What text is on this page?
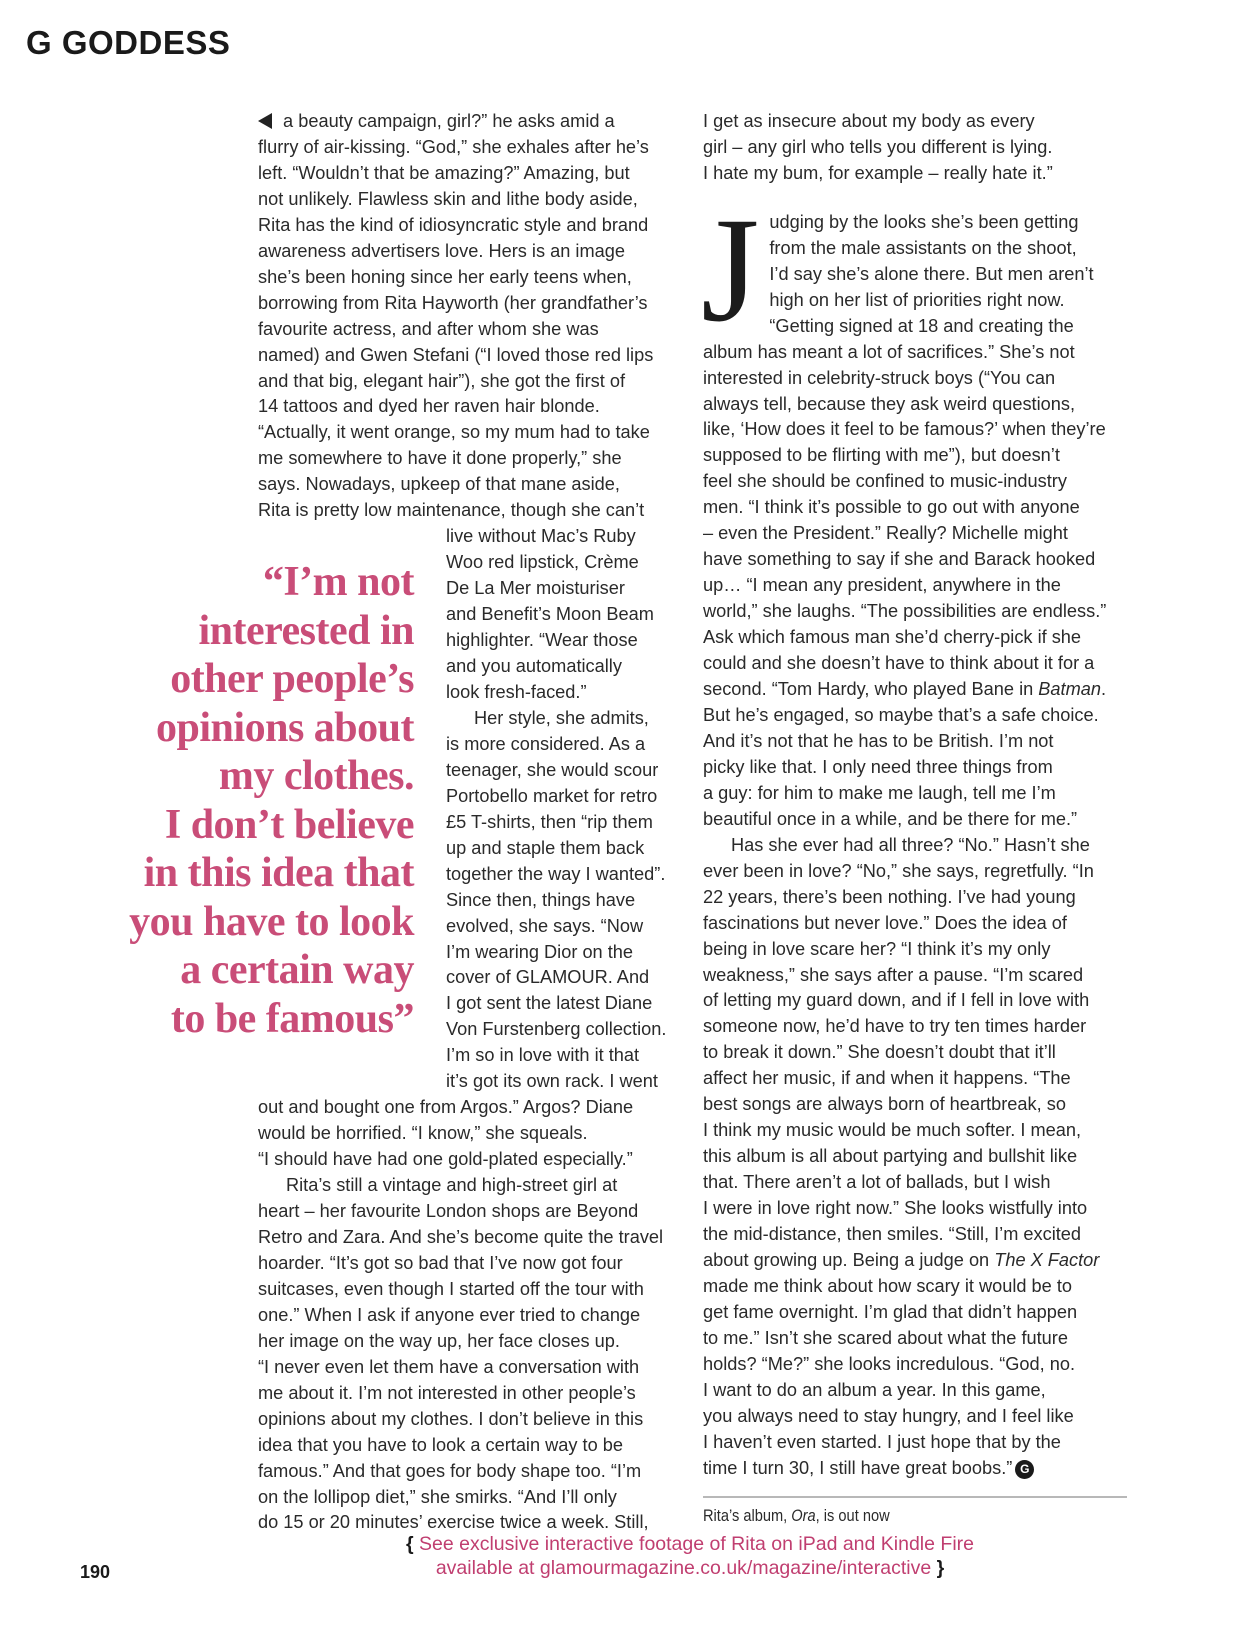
G GODDESS

a beauty campaign, girl?” he asks amid a

flurry of air-kissing. “God,” she exhales after he’s

left. “Wouldn’t that be amazing?” Amazing, but

not unlikely. Flawless skin and lithe body aside,

Rita has the kind of idiosyncratic style and brand

awareness advertisers love. Hers is an image

she’s been honing since her early teens when,

borrowing from Rita Hayworth (her grandfather’s

favourite actress, and after whom she was

named) and Gwen Stefani (“I loved those red lips

and that big, elegant hair”), she got the first of

14 tattoos and dyed her raven hair blonde.

“Actually, it went orange, so my mum had to take

me somewhere to have it done properly,” she

says. Nowadays, upkeep of that mane aside,

Rita is pretty low maintenance, though she can’t

live without Mac’s Ruby

Woo red lipstick, Crème

De La Mer moisturiser

and Benefit’s Moon Beam

highlighter. “Wear those

and you automatically

look fresh-faced.”

Her style, she admits,

is more considered. As a

teenager, she would scour

Portobello market for retro

£5 T-shirts, then “rip them

up and staple them back

together the way I wanted”.

Since then, things have

evolved, she says. “Now

I’m wearing Dior on the

cover of GLAMOUR. And

I got sent the latest Diane

Von Furstenberg collection.

I’m so in love with it that

it’s got its own rack. I went

out and bought one from Argos.” Argos? Diane

would be horrified. “I know,” she squeals.

“I should have had one gold-plated especially.”

Rita’s still a vintage and high-street girl at

heart – her favourite London shops are Beyond

Retro and Zara. And she’s become quite the travel

hoarder. “It’s got so bad that I’ve now got four

suitcases, even though I started off the tour with

one.” When I ask if anyone ever tried to change

her image on the way up, her face closes up.

“I never even let them have a conversation with

me about it. I’m not interested in other people’s

opinions about my clothes. I don’t believe in this

idea that you have to look a certain way to be

famous.” And that goes for body shape too. “I’m

on the lollipop diet,” she smirks. “And I’ll only

do 15 or 20 minutes’ exercise twice a week. Still,

“I’m not
interested in
other people’s
opinions about
my clothes.
I don’t believe
in this idea that
you have to look
a certain way
to be famous”

I get as insecure about my body as every

girl – any girl who tells you different is lying.

I hate my bum, for example – really hate it.”

J udging by the looks she’s been getting

from the male assistants on the shoot,

I’d say she’s alone there. But men aren’t

high on her list of priorities right now.

“Getting signed at 18 and creating the

album has meant a lot of sacrifices.” She’s not

interested in celebrity-struck boys (“You can

always tell, because they ask weird questions,

like, ‘How does it feel to be famous?’ when they’re

supposed to be flirting with me”), but doesn’t

feel she should be confined to music-industry

men. “I think it’s possible to go out with anyone

– even the President.” Really? Michelle might

have something to say if she and Barack hooked

up… “I mean any president, anywhere in the

world,” she laughs. “The possibilities are endless.”

Ask which famous man she’d cherry-pick if she

could and she doesn’t have to think about it for a

second. “Tom Hardy, who played Bane in Batman.

But he’s engaged, so maybe that’s a safe choice.

And it’s not that he has to be British. I’m not

picky like that. I only need three things from

a guy: for him to make me laugh, tell me I’m

beautiful once in a while, and be there for me.”

Has she ever had all three? “No.” Hasn’t she

ever been in love? “No,” she says, regretfully. “In

22 years, there’s been nothing. I’ve had young

fascinations but never love.” Does the idea of

being in love scare her? “I think it’s my only

weakness,” she says after a pause. “I’m scared

of letting my guard down, and if I fell in love with

someone now, he’d have to try ten times harder

to break it down.” She doesn’t doubt that it’ll

affect her music, if and when it happens. “The

best songs are always born of heartbreak, so

I think my music would be much softer. I mean,

this album is all about partying and bullshit like

that. There aren’t a lot of ballads, but I wish

I were in love right now.” She looks wistfully into

the mid-distance, then smiles. “Still, I’m excited

about growing up. Being a judge on The X Factor

made me think about how scary it would be to

get fame overnight. I’m glad that didn’t happen

to me.” Isn’t she scared about what the future

holds? “Me?” she looks incredulous. “God, no.

I want to do an album a year. In this game,

you always need to stay hungry, and I feel like

I haven’t even started. I just hope that by the

time I turn 30, I still have great boobs.” G

Rita’s album, Ora, is out now
{ See exclusive interactive footage of Rita on iPad and Kindle Fire
available at glamourmagazine.co.uk/magazine/interactive }
190
